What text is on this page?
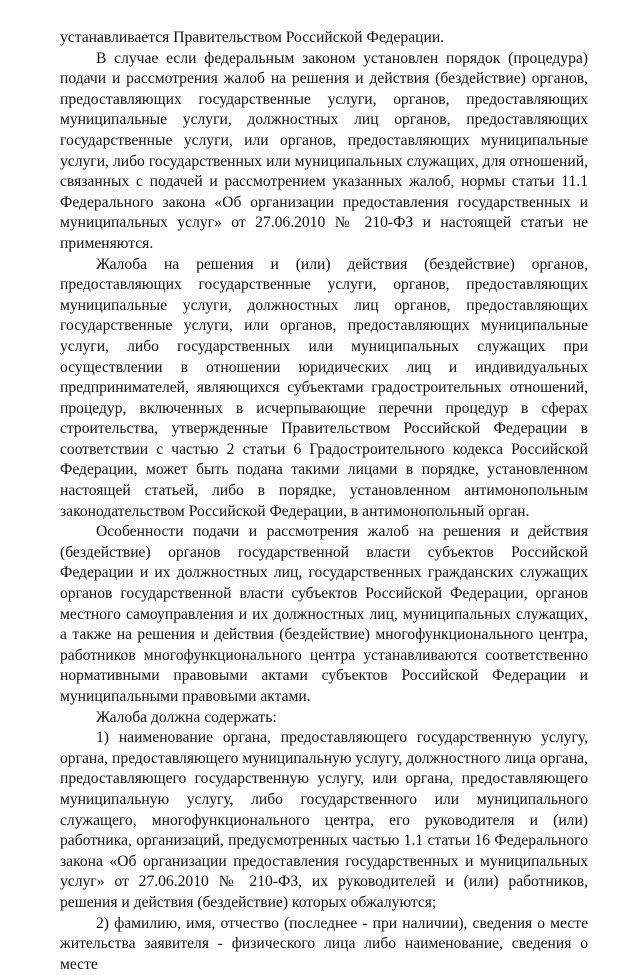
устанавливается Правительством Российской Федерации.

В случае если федеральным законом установлен порядок (процедура) подачи и рассмотрения жалоб на решения и действия (бездействие) органов, предоставляющих государственные услуги, органов, предоставляющих муниципальные услуги, должностных лиц органов, предоставляющих государственные услуги, или органов, предоставляющих муниципальные услуги, либо государственных или муниципальных служащих, для отношений, связанных с подачей и рассмотрением указанных жалоб, нормы статьи 11.1 Федерального закона «Об организации предоставления государственных и муниципальных услуг» от 27.06.2010 № 210-ФЗ и настоящей статьи не применяются.

Жалоба на решения и (или) действия (бездействие) органов, предоставляющих государственные услуги, органов, предоставляющих муниципальные услуги, должностных лиц органов, предоставляющих государственные услуги, или органов, предоставляющих муниципальные услуги, либо государственных или муниципальных служащих при осуществлении в отношении юридических лиц и индивидуальных предпринимателей, являющихся субъектами градостроительных отношений, процедур, включенных в исчерпывающие перечни процедур в сферах строительства, утвержденные Правительством Российской Федерации в соответствии с частью 2 статьи 6 Градостроительного кодекса Российской Федерации, может быть подана такими лицами в порядке, установленном настоящей статьей, либо в порядке, установленном антимонопольным законодательством Российской Федерации, в антимонопольный орган.

Особенности подачи и рассмотрения жалоб на решения и действия (бездействие) органов государственной власти субъектов Российской Федерации и их должностных лиц, государственных гражданских служащих органов государственной власти субъектов Российской Федерации, органов местного самоуправления и их должностных лиц, муниципальных служащих, а также на решения и действия (бездействие) многофункционального центра, работников многофункционального центра устанавливаются соответственно нормативными правовыми актами субъектов Российской Федерации и муниципальными правовыми актами.

Жалоба должна содержать:

1) наименование органа, предоставляющего государственную услугу, органа, предоставляющего муниципальную услугу, должностного лица органа, предоставляющего государственную услугу, или органа, предоставляющего муниципальную услугу, либо государственного или муниципального служащего, многофункционального центра, его руководителя и (или) работника, организаций, предусмотренных частью 1.1 статьи 16 Федерального закона «Об организации предоставления государственных и муниципальных услуг» от 27.06.2010 № 210-ФЗ, их руководителей и (или) работников, решения и действия (бездействие) которых обжалуются;

2) фамилию, имя, отчество (последнее - при наличии), сведения о месте жительства заявителя - физического лица либо наименование, сведения о месте
